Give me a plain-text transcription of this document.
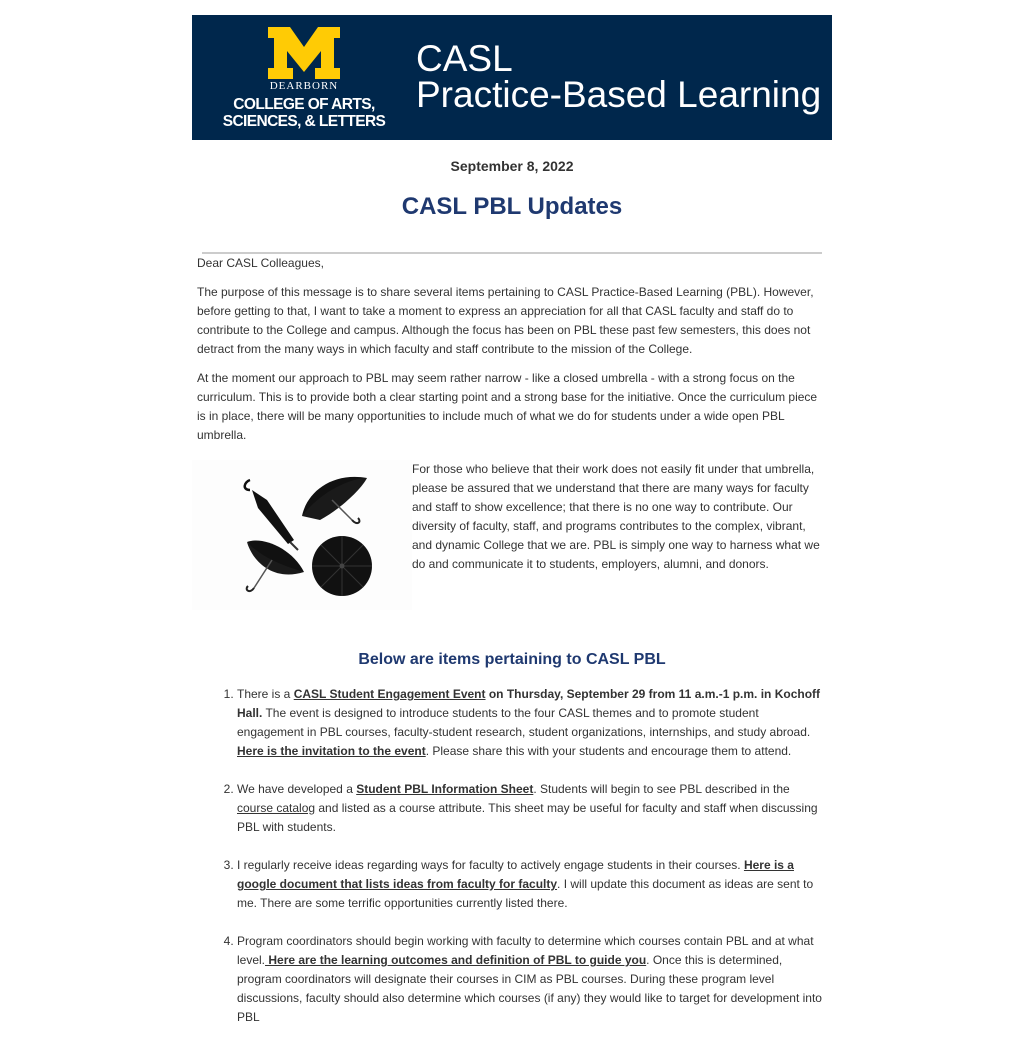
DEARBORN
COLLEGE OF ARTS,
SCIENCES, & LETTERS
CASL
Practice-Based Learning
September 8, 2022
CASL PBL Updates

Dear CASL Colleagues,

The purpose of this message is to share several items pertaining to CASL Practice-Based Learning (PBL). However, before getting to that, I want to take a moment to express an appreciation for all that CASL faculty and staff do to contribute to the College and campus. Although the focus has been on PBL these past few semesters, this does not detract from the many ways in which faculty and staff contribute to the mission of the College.

At the moment our approach to PBL may seem rather narrow - like a closed umbrella - with a strong focus on the curriculum. This is to provide both a clear starting point and a strong base for the initiative. Once the curriculum piece is in place, there will be many opportunities to include much of what we do for students under a wide open PBL umbrella.

For those who believe that their work does not easily fit under that umbrella, please be assured that we understand that there are many ways for faculty and staff to show excellence; that there is no one way to contribute. Our diversity of faculty, staff, and programs contributes to the complex, vibrant, and dynamic College that we are. PBL is simply one way to harness what we do and communicate it to students, employers, alumni, and donors.

Below are items pertaining to CASL PBL
1. There is a CASL Student Engagement Event on Thursday, September 29 from 11 a.m.-1 p.m. in Kochoff Hall. The event is designed to introduce students to the four CASL themes and to promote student engagement in PBL courses, faculty-student research, student organizations, internships, and study abroad. Here is the invitation to the event. Please share this with your students and encourage them to attend.
2. We have developed a Student PBL Information Sheet. Students will begin to see PBL described in the course catalog and listed as a course attribute. This sheet may be useful for faculty and staff when discussing PBL with students.
3. I regularly receive ideas regarding ways for faculty to actively engage students in their courses. Here is a google document that lists ideas from faculty for faculty. I will update this document as ideas are sent to me. There are some terrific opportunities currently listed there.
4. Program coordinators should begin working with faculty to determine which courses contain PBL and at what level. Here are the learning outcomes and definition of PBL to guide you. Once this is determined, program coordinators will designate their courses in CIM as PBL courses. During these program level discussions, faculty should also determine which courses (if any) they would like to target for development into PBL
